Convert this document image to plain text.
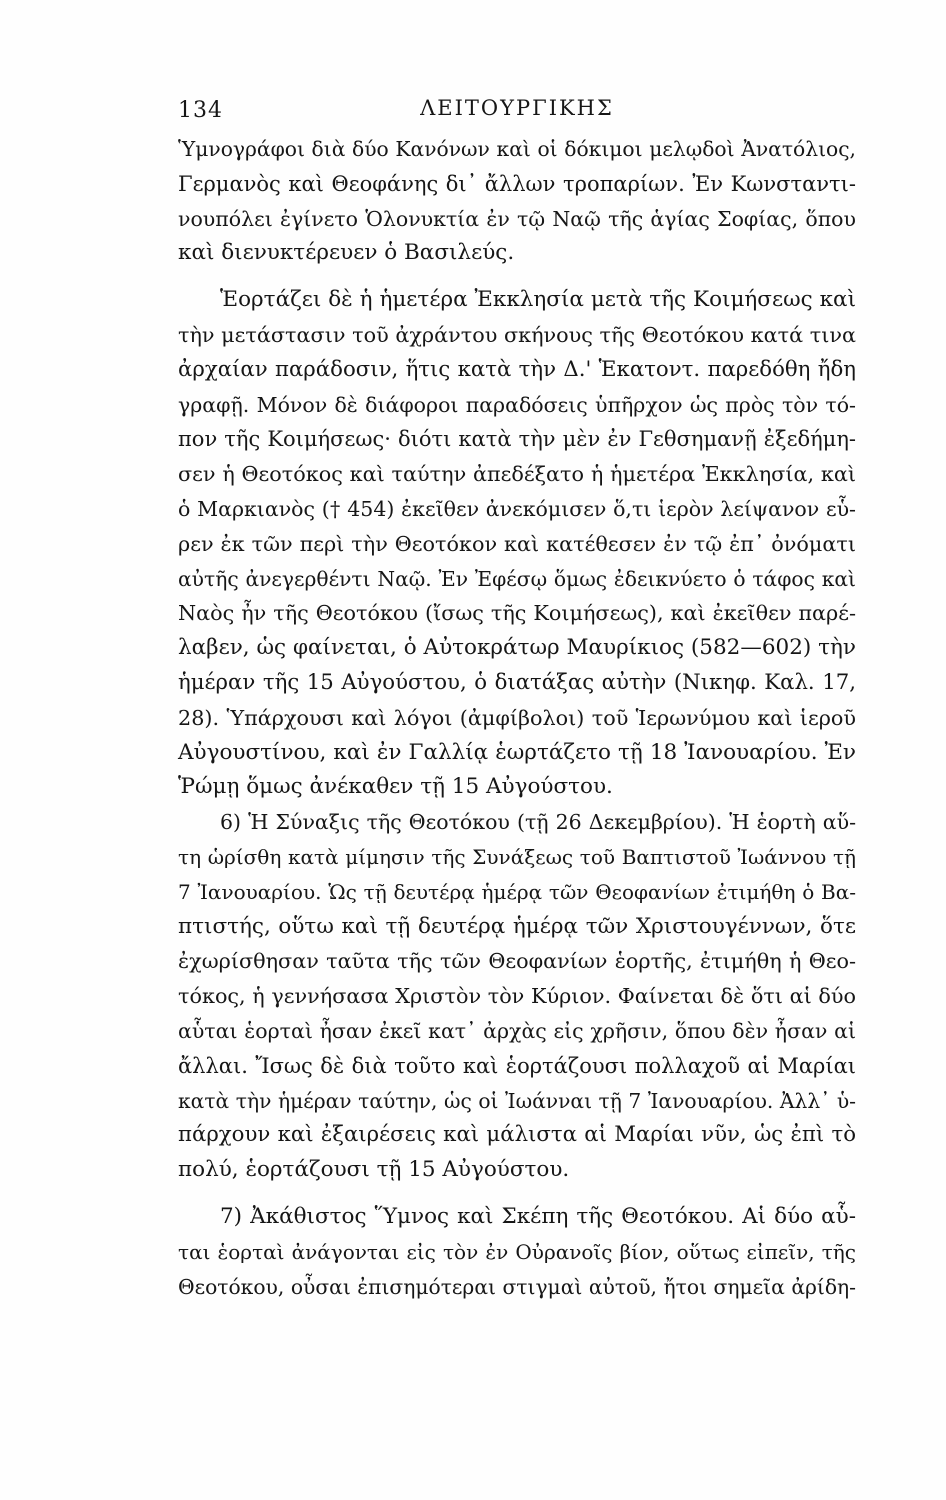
134	ΛΕΙΤΟΥΡΓΙΚΗΣ
Ὑμνογράφοι διὰ δύο Κανόνων καὶ οἱ δόκιμοι μελῳδοὶ Ἀνατόλιος,
Γερμανὸς καὶ Θεοφάνης δι᾿ ἄλλων τροπαρίων. Ἐν Κωνσταντι-
νουπόλει ἐγίνετο Ὁλονυκτία ἐν τῷ Ναῷ τῆς ἁγίας Σοφίας, ὅπου
καὶ διενυκτέρευεν ὁ Βασιλεύς.
Ἑορτάζει δὲ ἡ ἡμετέρα Ἐκκλησία μετὰ τῆς Κοιμήσεως καὶ
τὴν μετάστασιν τοῦ ἀχράντου σκήνους τῆς Θεοτόκου κατά τινα
ἀρχαίαν παράδοσιν, ἥτις κατὰ τὴν Δ.' Ἑκατοντ. παρεδόθη ἤδη
γραφῇ. Μόνον δὲ διάφοροι παραδόσεις ὑπῆρχον ὡς πρὸς τὸν τό-
πον τῆς Κοιμήσεως· διότι κατὰ τὴν μὲν ἐν Γεθσημανῇ ἐξεδήμη-
σεν ἡ Θεοτόκος καὶ ταύτην ἀπεδέξατο ἡ ἡμετέρα Ἐκκλησία, καὶ
ὁ Μαρκιανὸς († 454) ἐκεῖθεν ἀνεκόμισεν ὅ,τι ἱερὸν λείψανον εὗ-
ρεν ἐκ τῶν περὶ τὴν Θεοτόκον καὶ κατέθεσεν ἐν τῷ ἐπ᾿ ὀνόματι
αὐτῆς ἀνεγερθέντι Ναῷ. Ἐν Ἐφέσῳ ὅμως ἐδεικνύετο ὁ τάφος καὶ
Ναὸς ἦν τῆς Θεοτόκου (ἴσως τῆς Κοιμήσεως), καὶ ἐκεῖθεν παρέ-
λαβεν, ὡς φαίνεται, ὁ Αὐτοκράτωρ Μαυρίκιος (582—602) τὴν
ἡμέραν τῆς 15 Αὐγούστου, ὁ διατάξας αὐτὴν (Νικηφ. Καλ. 17,
28). Ὑπάρχουσι καὶ λόγοι (ἀμφίβολοι) τοῦ Ἱερωνύμου καὶ ἱεροῦ
Αὐγουστίνου, καὶ ἐν Γαλλίᾳ ἑωρτάζετο τῇ 18 Ἰανουαρίου. Ἐν
Ῥώμῃ ὅμως ἀνέκαθεν τῇ 15 Αὐγούστου.
6) Ἡ Σύναξις τῆς Θεοτόκου (τῇ 26 Δεκεμβρίου). Ἡ ἑορτὴ αὕ-
τη ὡρίσθη κατὰ μίμησιν τῆς Συνάξεως τοῦ Βαπτιστοῦ Ἰωάννου τῇ
7 Ἰανουαρίου. Ὡς τῇ δευτέρᾳ ἡμέρᾳ τῶν Θεοφανίων ἐτιμήθη ὁ Βα-
πτιστής, οὕτω καὶ τῇ δευτέρᾳ ἡμέρᾳ τῶν Χριστουγέννων, ὅτε
ἐχωρίσθησαν ταῦτα τῆς τῶν Θεοφανίων ἑορτῆς, ἐτιμήθη ἡ Θεο-
τόκος, ἡ γεννήσασα Χριστὸν τὸν Κύριον. Φαίνεται δὲ ὅτι αἱ δύο
αὗται ἑορταὶ ἦσαν ἐκεῖ κατ᾿ ἀρχὰς εἰς χρῆσιν, ὅπου δὲν ἦσαν αἱ
ἄλλαι. Ἴσως δὲ διὰ τοῦτο καὶ ἑορτάζουσι πολλαχοῦ αἱ Μαρίαι
κατὰ τὴν ἡμέραν ταύτην, ὡς οἱ Ἰωάνναι τῇ 7 Ἰανουαρίου. Ἀλλ᾿ ὑ-
πάρχουν καὶ ἐξαιρέσεις καὶ μάλιστα αἱ Μαρίαι νῦν, ὡς ἐπὶ τὸ
πολύ, ἑορτάζουσι τῇ 15 Αὐγούστου.
7) Ἀκάθιστος Ὕμνος καὶ Σκέπη τῆς Θεοτόκου. Αἱ δύο αὗ-
ται ἑορταὶ ἀνάγονται εἰς τὸν ἐν Οὐρανοῖς βίον, οὕτως εἰπεῖν, τῆς
Θεοτόκου, οὖσαι ἐπισημότεραι στιγμαὶ αὐτοῦ, ἤτοι σημεῖα ἀρίδη-
